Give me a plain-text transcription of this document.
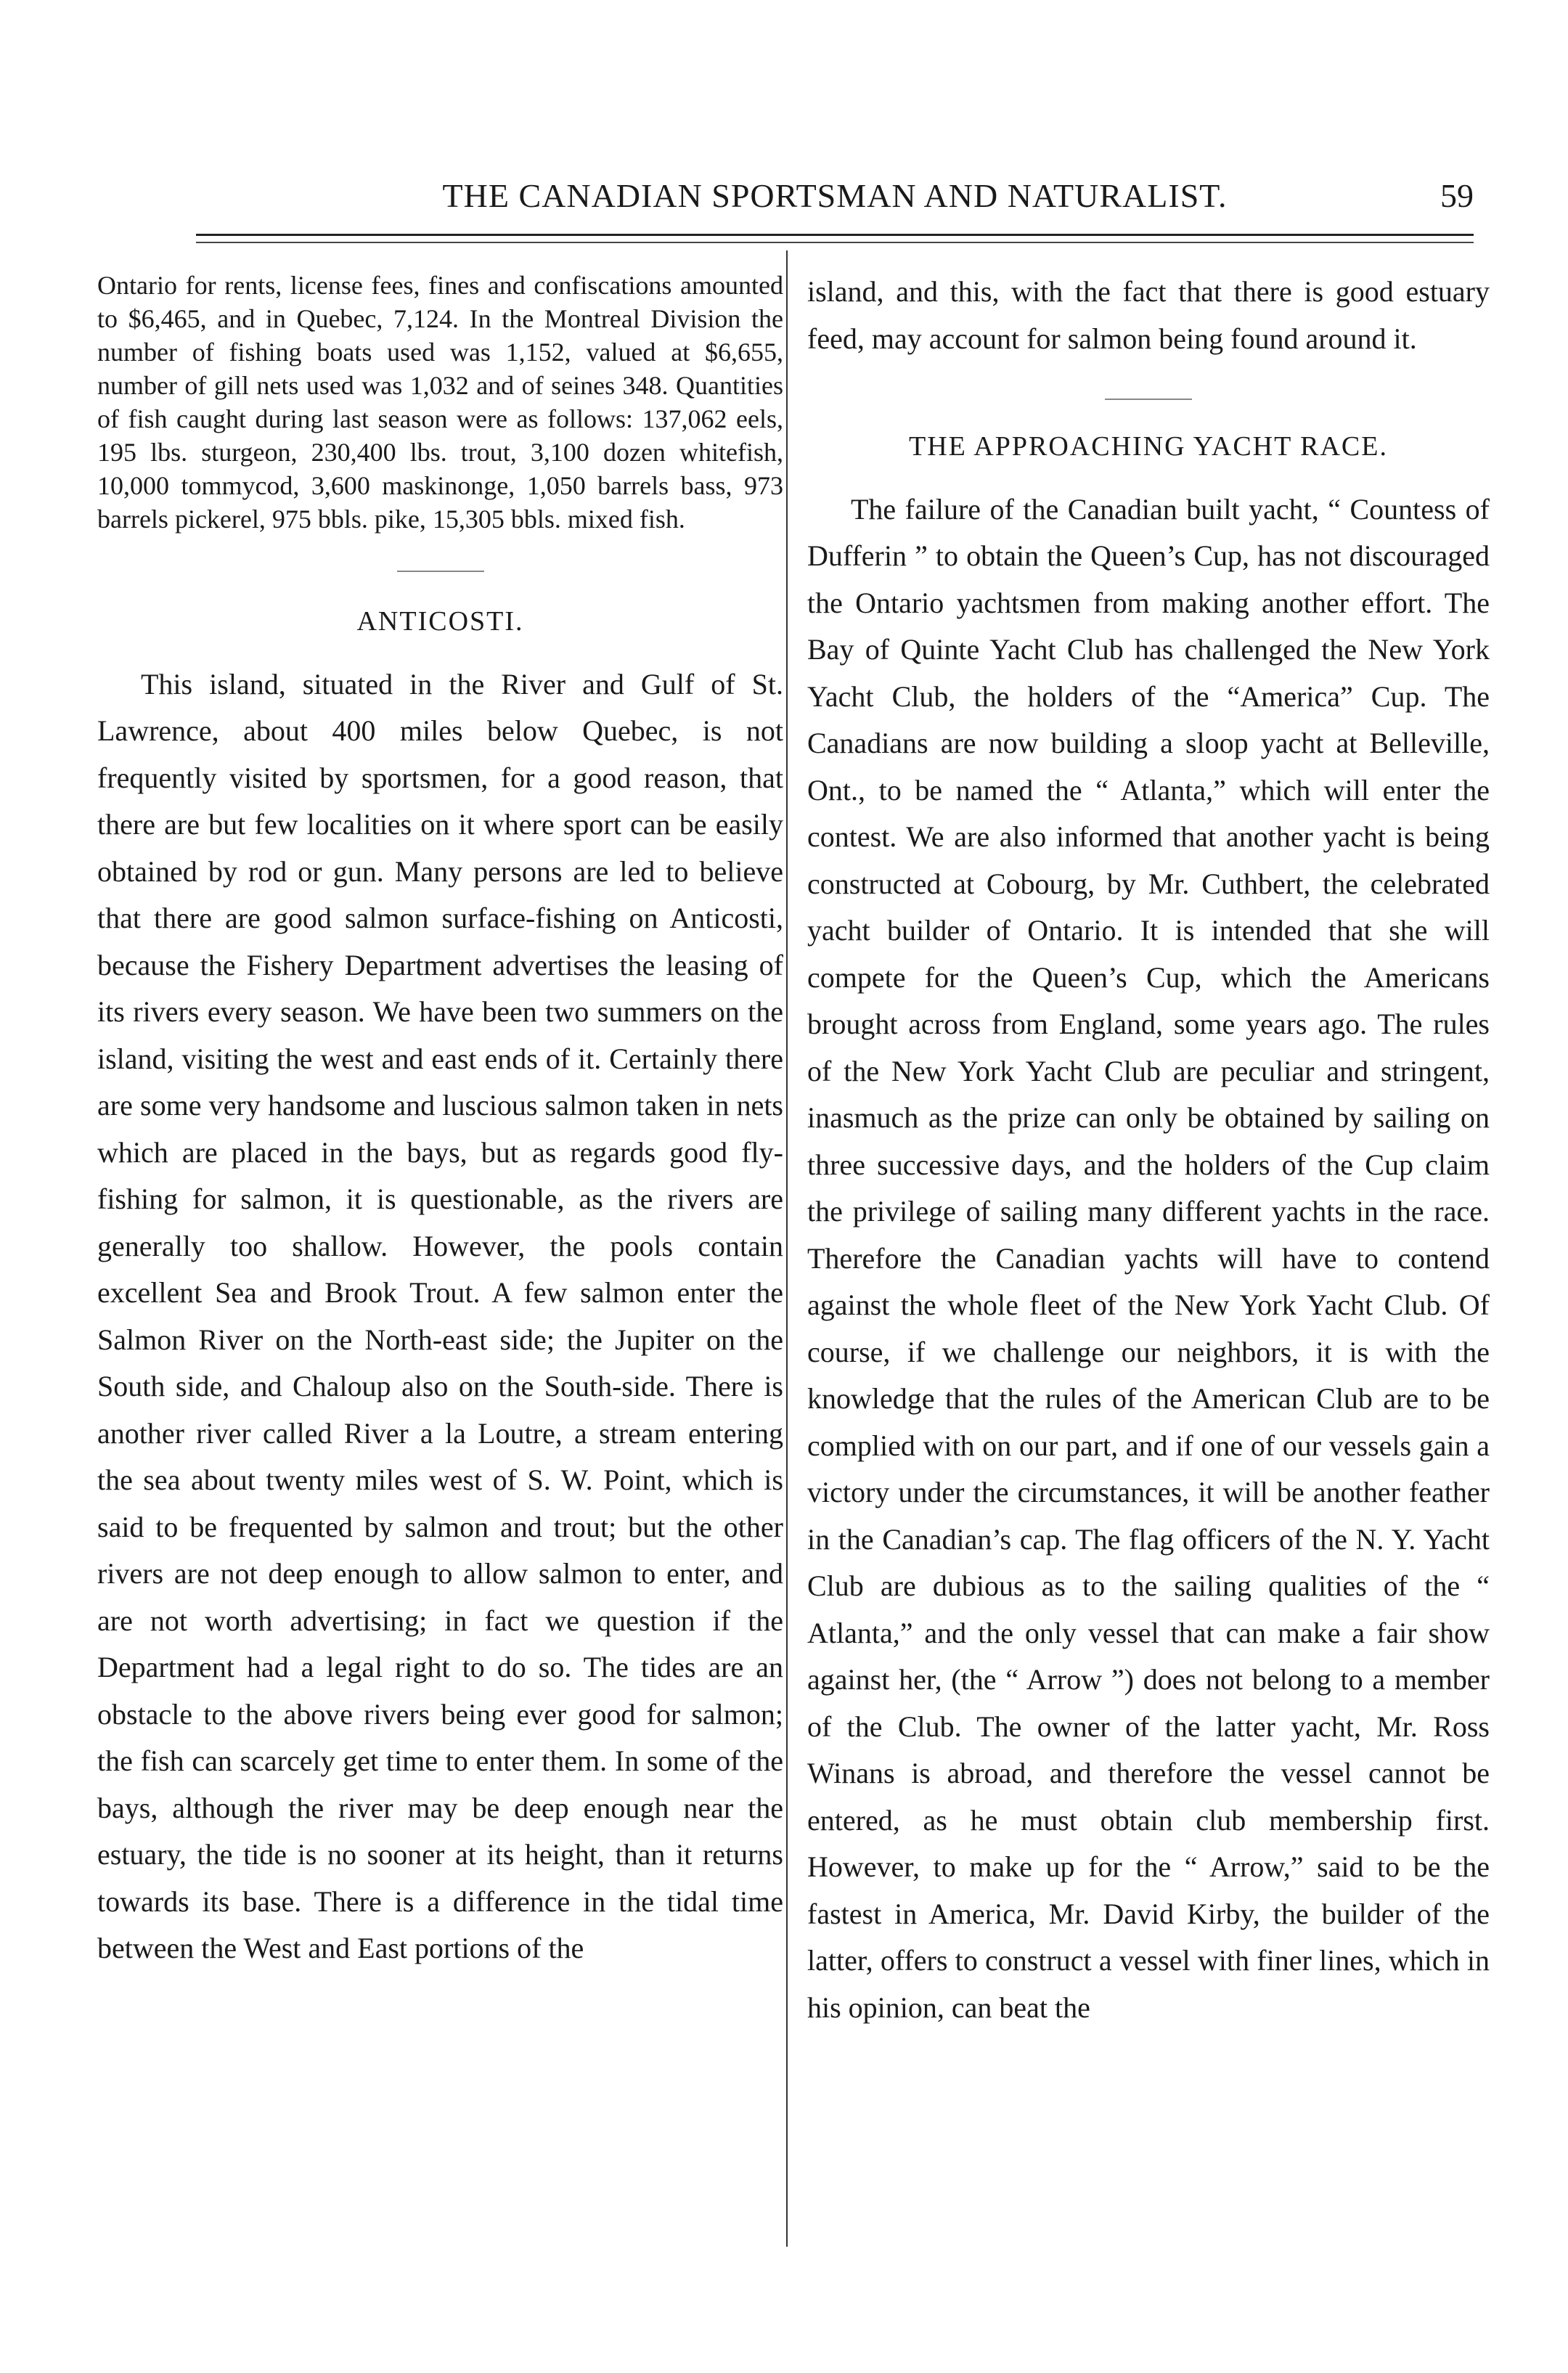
THE CANADIAN SPORTSMAN AND NATURALIST.	59

Ontario for rents, license fees, fines and confiscations amounted to $6,465, and in Quebec, 7,124. In the Montreal Division the number of fishing boats used was 1,152, valued at $6,655, number of gill nets used was 1,032 and of seines 348. Quantities of fish caught during last season were as follows: 137,062 eels, 195 lbs. sturgeon, 230,400 lbs. trout, 3,100 dozen whitefish, 10,000 tommycod, 3,600 maskinonge, 1,050 barrels bass, 973 barrels pickerel, 975 bbls. pike, 15,305 bbls. mixed fish.

ANTICOSTI.

This island, situated in the River and Gulf of St. Lawrence, about 400 miles below Quebec, is not frequently visited by sportsmen, for a good reason, that there are but few localities on it where sport can be easily obtained by rod or gun. Many persons are led to believe that there are good salmon surface-fishing on Anticosti, because the Fishery Department advertises the leasing of its rivers every season. We have been two summers on the island, visiting the west and east ends of it. Certainly there are some very handsome and luscious salmon taken in nets which are placed in the bays, but as regards good fly-fishing for salmon, it is questionable, as the rivers are generally too shallow. However, the pools contain excellent Sea and Brook Trout. A few salmon enter the Salmon River on the North-east side; the Jupiter on the South side, and Chaloup also on the South-side. There is another river called River a la Loutre, a stream entering the sea about twenty miles west of S. W. Point, which is said to be frequented by salmon and trout; but the other rivers are not deep enough to allow salmon to enter, and are not worth advertising; in fact we question if the Department had a legal right to do so. The tides are an obstacle to the above rivers being ever good for salmon; the fish can scarcely get time to enter them. In some of the bays, although the river may be deep enough near the estuary, the tide is no sooner at its height, than it returns towards its base. There is a difference in the tidal time between the West and East portions of the

island, and this, with the fact that there is good estuary feed, may account for salmon being found around it.

THE APPROACHING YACHT RACE.

The failure of the Canadian built yacht, “ Countess of Dufferin ” to obtain the Queen’s Cup, has not discouraged the Ontario yachtsmen from making another effort. The Bay of Quinte Yacht Club has challenged the New York Yacht Club, the holders of the “America” Cup. The Canadians are now building a sloop yacht at Belleville, Ont., to be named the “ Atlanta,” which will enter the contest. We are also informed that another yacht is being constructed at Cobourg, by Mr. Cuthbert, the celebrated yacht builder of Ontario. It is intended that she will compete for the Queen’s Cup, which the Americans brought across from England, some years ago. The rules of the New York Yacht Club are peculiar and stringent, inasmuch as the prize can only be obtained by sailing on three successive days, and the holders of the Cup claim the privilege of sailing many different yachts in the race. Therefore the Canadian yachts will have to contend against the whole fleet of the New York Yacht Club. Of course, if we challenge our neighbors, it is with the knowledge that the rules of the American Club are to be complied with on our part, and if one of our vessels gain a victory under the circumstances, it will be another feather in the Canadian’s cap. The flag officers of the N. Y. Yacht Club are dubious as to the sailing qualities of the “ Atlanta,” and the only vessel that can make a fair show against her, (the “ Arrow ”) does not belong to a member of the Club. The owner of the latter yacht, Mr. Ross Winans is abroad, and therefore the vessel cannot be entered, as he must obtain club membership first. However, to make up for the “ Arrow,” said to be the fastest in America, Mr. David Kirby, the builder of the latter, offers to construct a vessel with finer lines, which in his opinion, can beat the
